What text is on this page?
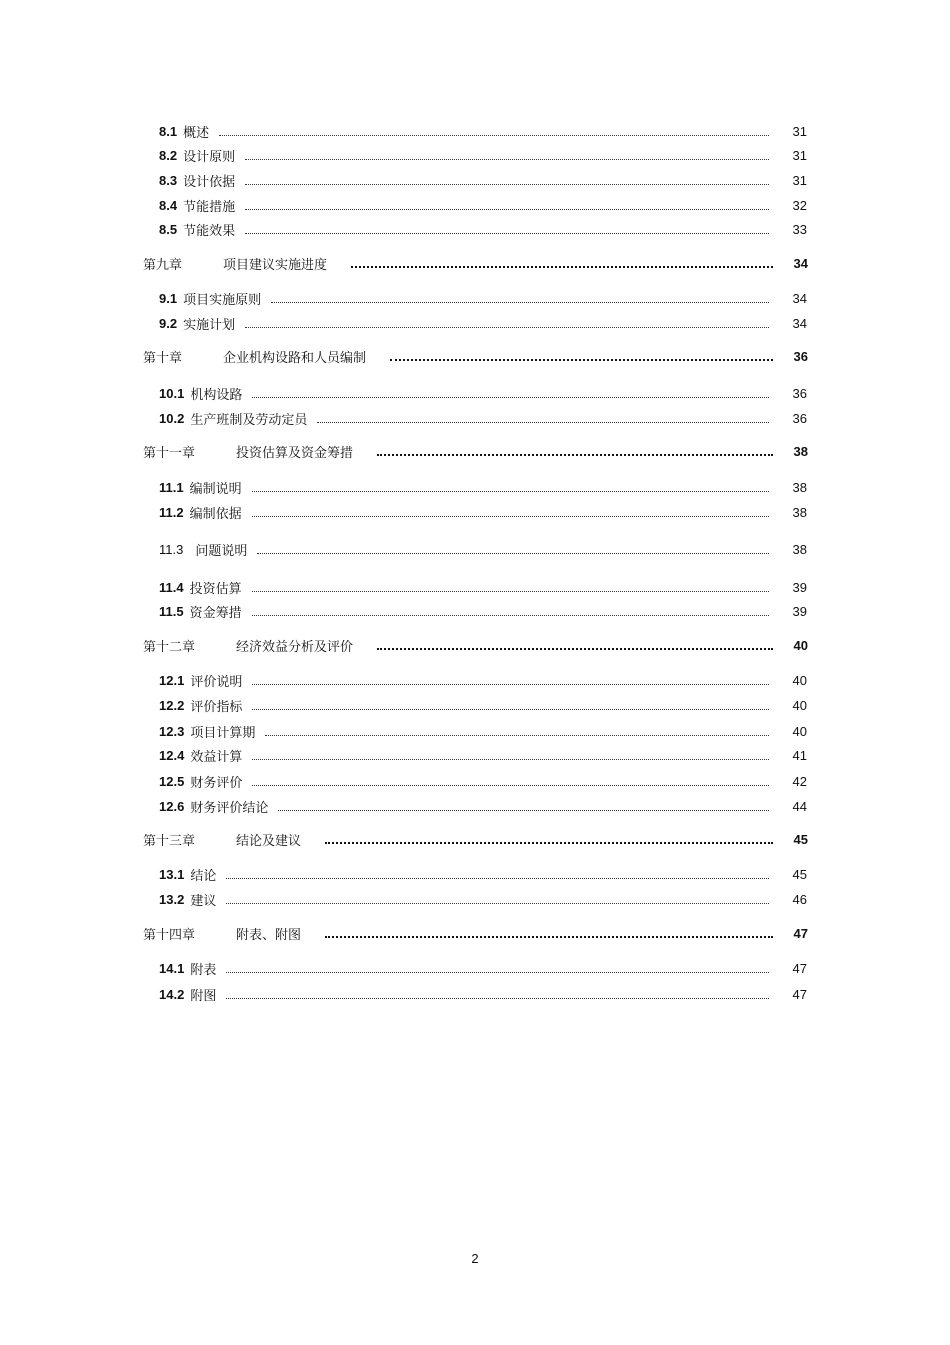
8.1 概述	31
8.2 设计原则	31
8.3 设计依据	31
8.4 节能措施	32
8.5 节能效果	33
第九章	项目建议实施进度	34
9.1 项目实施原则	34
9.2 实施计划	34
第十章	企业机构设路和人员编制	36
10.1 机构设路	36
10.2 生产班制及劳动定员	36
第十一章	投资估算及资金筹措	38
11.1 编制说明	38
11.2 编制依据	38
11.3 问题说明	38
11.4 投资估算	39
11.5 资金筹措	39
第十二章	经济效益分析及评价	40
12.1 评价说明	40
12.2 评价指标	40
12.3 项目计算期	40
12.4 效益计算	41
12.5 财务评价	42
12.6 财务评价结论	44
第十三章	结论及建议	45
13.1 结论	45
13.2 建议	46
第十四章	附表、附图	47
14.1 附表	47
14.2 附图	47
2
